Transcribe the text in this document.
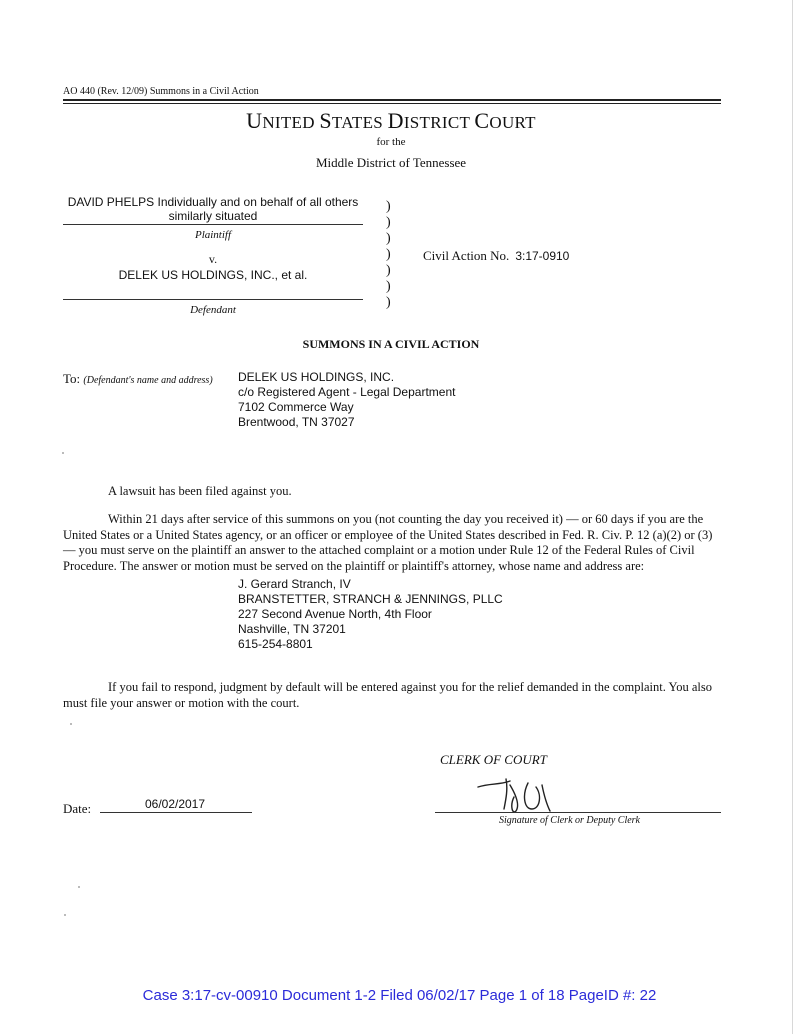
AO 440 (Rev. 12/09) Summons in a Civil Action
UNITED STATES DISTRICT COURT
for the
Middle District of Tennessee
DAVID PHELPS Individually and on behalf of all others similarly situated
Plaintiff
v.
DELEK US HOLDINGS, INC., et al.
Defendant
)
)
)
)
)
)
)
Civil Action No. 3:17-0910
SUMMONS IN A CIVIL ACTION
To: (Defendant's name and address) DELEK US HOLDINGS, INC.
c/o Registered Agent - Legal Department
7102 Commerce Way
Brentwood, TN 37027
A lawsuit has been filed against you.
Within 21 days after service of this summons on you (not counting the day you received it) — or 60 days if you are the United States or a United States agency, or an officer or employee of the United States described in Fed. R. Civ. P. 12 (a)(2) or (3) — you must serve on the plaintiff an answer to the attached complaint or a motion under Rule 12 of the Federal Rules of Civil Procedure. The answer or motion must be served on the plaintiff or plaintiff's attorney, whose name and address are:
J. Gerard Stranch, IV
BRANSTETTER, STRANCH & JENNINGS, PLLC
227 Second Avenue North, 4th Floor
Nashville, TN 37201
615-254-8801
If you fail to respond, judgment by default will be entered against you for the relief demanded in the complaint. You also must file your answer or motion with the court.
CLERK OF COURT
Date:	06/02/2017
Signature of Clerk or Deputy Clerk
Case 3:17-cv-00910 Document 1-2 Filed 06/02/17 Page 1 of 18 PageID #: 22
